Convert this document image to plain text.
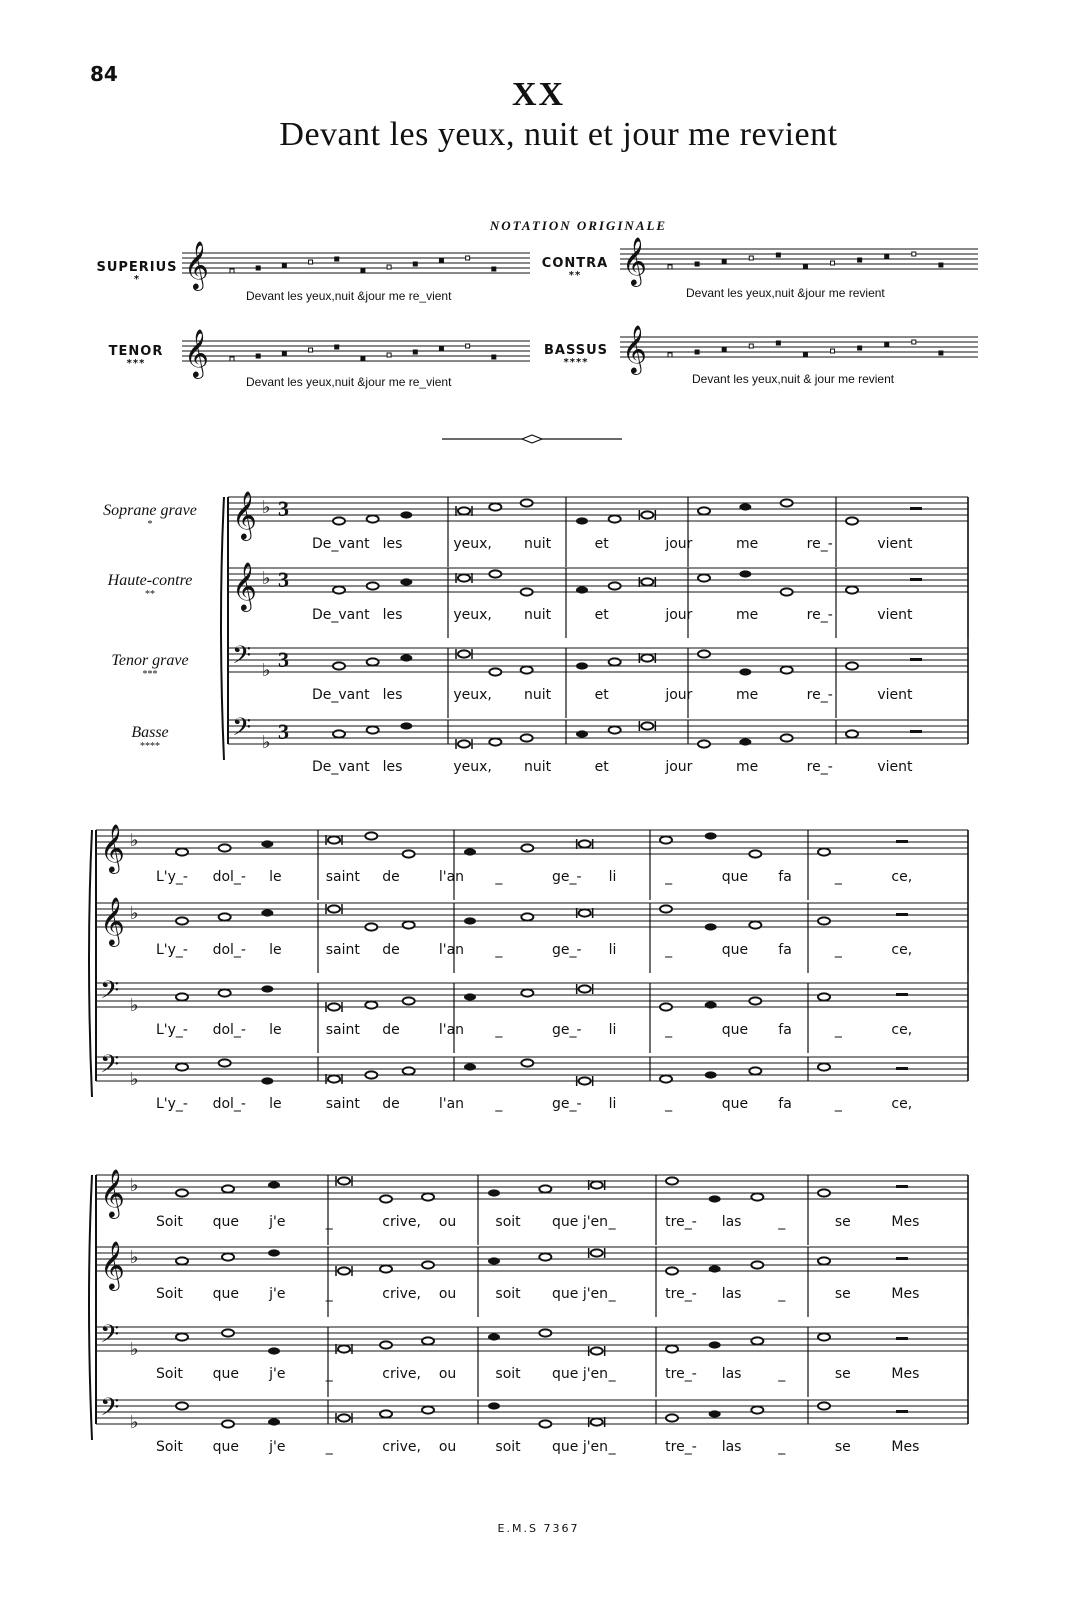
84
XX
Devant les yeux, nuit et jour me revient
NOTATION ORIGINALE
SUPERIUS
*
CONTRA
**
TENOR
***
BASSUS
****
Devant les yeux,nuit &jour me re_vient	Devant les yeux,nuit &jour me revient
Devant les yeux,nuit &jour me re_vient	Devant les yeux,nuit & jour me revient
Soprane grave
*
Haute-contre
**
Tenor grave
***
Basse
****
𝄞	𝄞
𝄞	𝄞
𝄞 ♭ 3
𝄞 ♭ 3
𝄢 ♭ 3
𝄢 ♭ 3
𝄞 ♭
𝄞 ♭
𝄢 ♭
𝄢 ♭
𝄞 ♭
𝄞 ♭
𝄢 ♭
𝄢 ♭
De_vant les	yeux, nuit	et	jour	me	re_-	vient
De_vant les	yeux, nuit	et	jour	me	re_-	vient
De_vant les	yeux, nuit	et	jour	me	re_-	vient
De_vant les	yeux, nuit	et	jour	me	re_-	vient
L'y_- dol_- le	saint de	l'an _	ge_- li	_	que fa	_	ce,
L'y_- dol_- le	saint de	l'an _	ge_- li	_	que fa	_	ce,
L'y_- dol_- le	saint de	l'an _	ge_- li	_	que fa	_	ce,
L'y_- dol_- le	saint de	l'an _	ge_- li	_	que fa	_	ce,
Soit que j'e	_	crive, ou	soit que j'en _	tre_- las	_	se	Mes
Soit que j'e	_	crive, ou	soit que j'en _	tre_- las	_	se	Mes
Soit que j'e	_	crive, ou	soit que j'en _	tre_- las	_	se	Mes
Soit que j'e	_	crive, ou	soit que j'en _	tre_- las	_	se	Mes
E.M.S 7367
